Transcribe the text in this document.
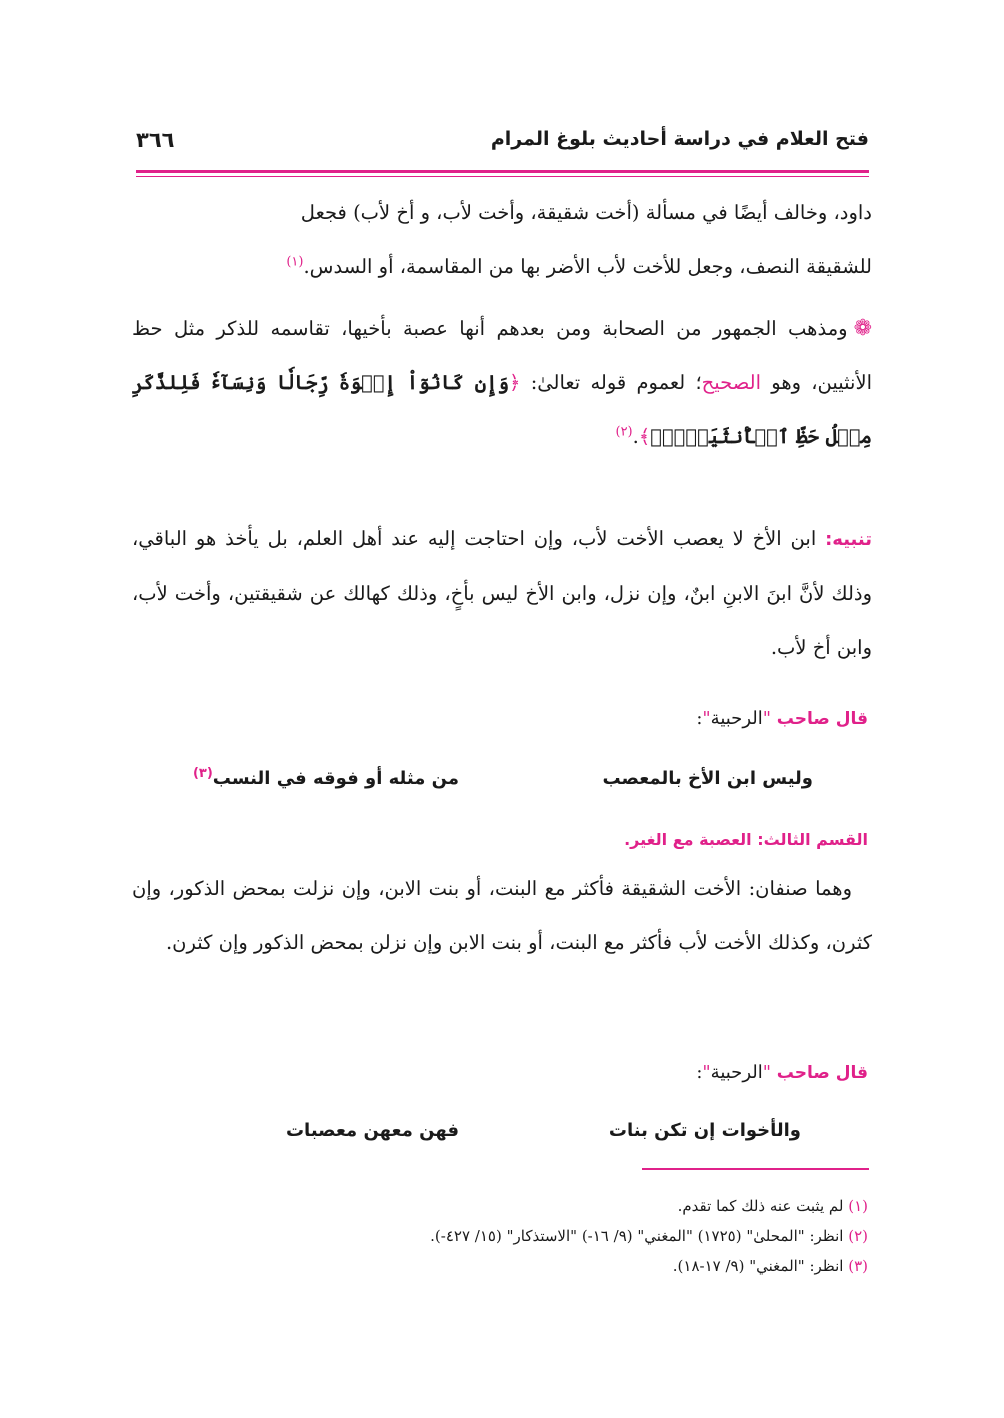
فتح العلام في دراسة أحاديث بلوغ المرام
٣٦٦

داود، وخالف أيضًا في مسألة (أخت شقيقة، وأخت لأب، و أخ لأب) فجعل

للشقيقة النصف، وجعل للأخت لأب الأضر بها من المقاسمة، أو السدس.$^{(١)}$

❁ومذهب الجمهور من الصحابة ومن بعدهم أنها عصبة بأخيها، تقاسمه للذكر مثل حظ الأنثيين، وهو الصحيح؛ لعموم قوله تعالىٰ: ﴿وَإِن كَانُوٓاْ إِخۡوَةٗ رِّجَالٗا وَنِسَآءٗ فَلِلذَّكَرِ مِثۡلُ حَظِّ ٱلۡأُنثَيَيۡنِۚ﴾.$^{(٢)}$

تنبيه: ابن الأخ لا يعصب الأخت لأب، وإن احتاجت إليه عند أهل العلم، بل يأخذ هو الباقي، وذلك لأنَّ ابنَ الابنِ ابنٌ، وإن نزل، وابن الأخ ليس بأخٍ، وذلك كهالك عن شقيقتين، وأخت لأب، وابن أخ لأب.

قال صاحب "الرحبية":
وليس ابن الأخ بالمعصب
من مثله أو فوقه في النسب$^{(٣)}$
القسم الثالث: العصبة مع الغير.

وهما صنفان: الأخت الشقيقة فأكثر مع البنت، أو بنت الابن، وإن نزلت بمحض الذكور، وإن كثرن، وكذلك الأخت لأب فأكثر مع البنت، أو بنت الابن وإن نزلن بمحض الذكور وإن كثرن.

قال صاحب "الرحبية":
والأخوات إن تكن بنات
فهن معهن معصبات
(١) لم يثبت عنه ذلك كما تقدم.
(٢) انظر: "المحلىٰ" (١٧٢٥) "المغني" (٩/ ١٦-) "الاستذكار" (١٥/ ٤٢٧-).
(٣) انظر: "المغني" (٩/ ١٧-١٨).
